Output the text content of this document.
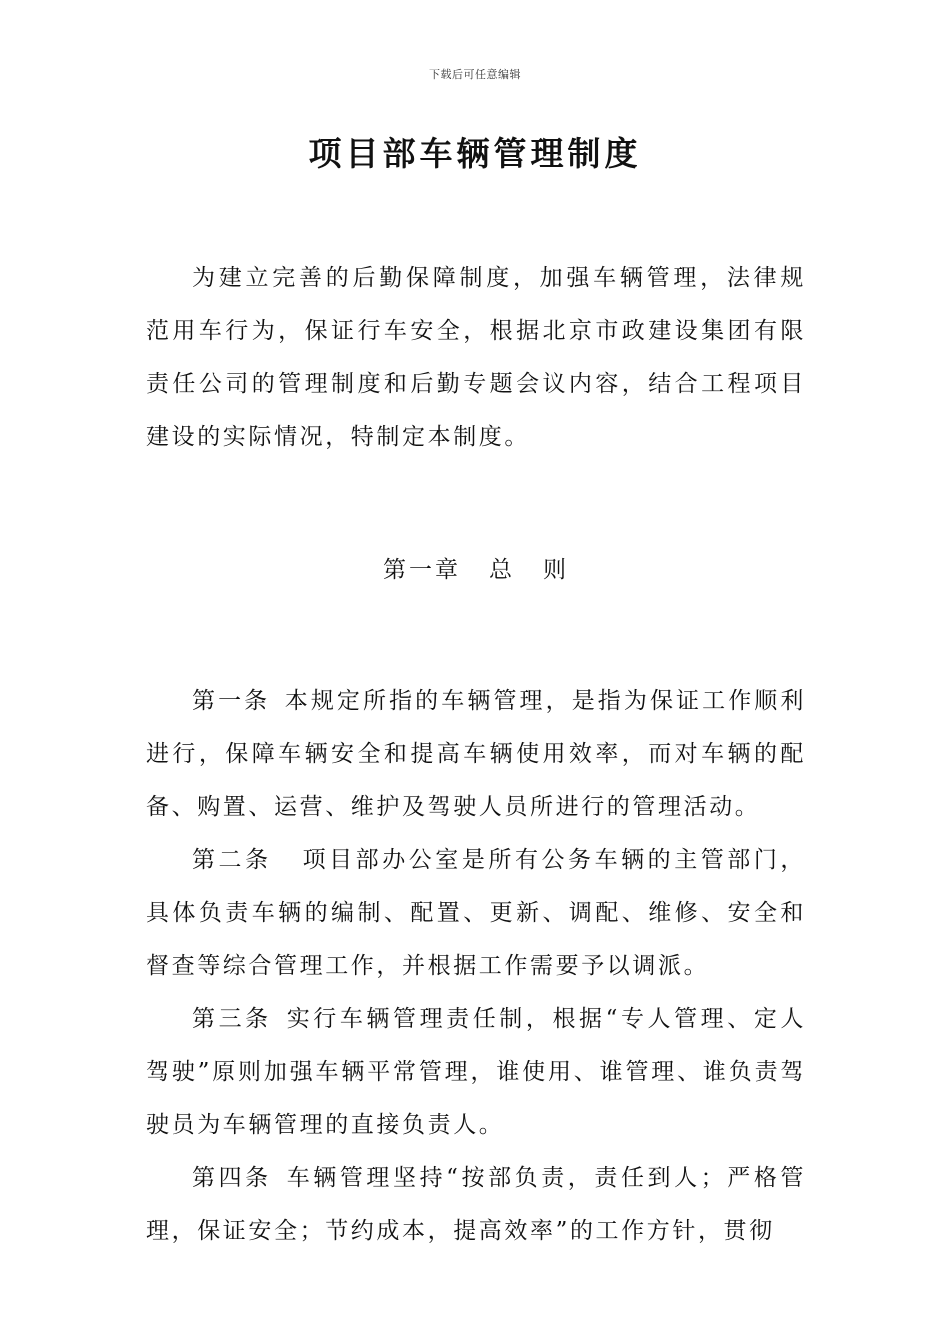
下载后可任意编辑
项目部车辆管理制度

为建立完善的后勤保障制度，加强车辆管理，法律规范用车行为，保证行车安全，根据北京市政建设集团有限责任公司的管理制度和后勤专题会议内容，结合工程项目建设的实际情况，特制定本制度。

第一章 总 则

第一条 本规定所指的车辆管理，是指为保证工作顺利进行，保障车辆安全和提高车辆使用效率，而对车辆的配备、购置、运营、维护及驾驶人员所进行的管理活动。

第二条 项目部办公室是所有公务车辆的主管部门，具体负责车辆的编制、配置、更新、调配、维修、安全和督查等综合管理工作，并根据工作需要予以调派。

第三条 实行车辆管理责任制，根据“专人管理、定人驾驶”原则加强车辆平常管理，谁使用、谁管理、谁负责驾驶员为车辆管理的直接负责人。

第四条 车辆管理坚持“按部负责，责任到人；严格管理，保证安全；节约成本，提高效率”的工作方针，贯彻
